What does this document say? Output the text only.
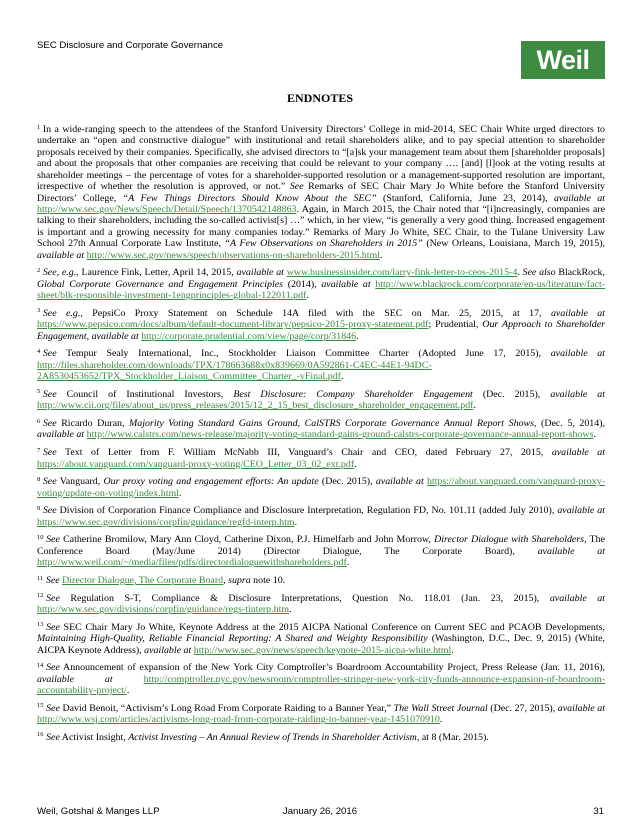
SEC Disclosure and Corporate Governance	Weil
ENDNOTES

$^1$ In a wide-ranging speech to the attendees of the Stanford University Directors’ College in mid-2014, SEC Chair White urged directors to undertake an “open and constructive dialogue” with institutional and retail shareholders alike, and to pay special attention to shareholder proposals received by their companies. Specifically, she advised directors to “[a]sk your management team about them [shareholder proposals] and about the proposals that other companies are receiving that could be relevant to your company …. [and] [l]ook at the voting results at shareholder meetings – the percentage of votes for a shareholder-supported resolution or a management-supported resolution are important, irrespective of whether the resolution is approved, or not.” See Remarks of SEC Chair Mary Jo White before the Stanford University Directors’ College, “A Few Things Directors Should Know About the SEC” (Stanford, California, June 23, 2014), available at http://www.sec.gov/News/Speech/Detail/Speech/1370542148863. Again, in March 2015, the Chair noted that “[i]ncreasingly, companies are talking to their shareholders, including the so-called activist[s] …” which, in her view, “is generally a very good thing. Increased engagement is important and a growing necessity for many companies today.” Remarks of Mary Jo White, SEC Chair, to the Tulane University Law School 27th Annual Corporate Law Institute, “A Few Observations on Shareholders in 2015” (New Orleans, Louisiana, March 19, 2015), available at http://www.sec.gov/news/speech/observations-on-shareholders-2015.html.

$^2$ See, e.g., Laurence Fink, Letter, April 14, 2015, available at www.businessinsider.com/larry-fink-letter-to-ceos-2015-4. See also BlackRock, Global Corporate Governance and Engagement Principles (2014), available at http://www.blackrock.com/corporate/en-us/literature/fact-sheet/blk-responsible-investment-1engprinciples-global-122011.pdf.

$^3$ See e.g., PepsiCo Proxy Statement on Schedule 14A filed with the SEC on Mar. 25, 2015, at 17, available at https://www.pepsico.com/docs/album/default-document-library/pepsico-2015-proxy-statement.pdf; Prudential, Our Approach to Shareholder Engagement, available at http://corporate.prudential.com/view/page/corp/31846.

$^4$ See Tempur Sealy International, Inc., Stockholder Liaison Committee Charter (Adopted June 17, 2015), available at http://files.shareholder.com/downloads/TPX/178663688x0x839669/0A592861-C4EC-44E1-94DC-2A8530453652/TPX_Stockholder_Liaison_Committee_Charter_-vFinal.pdf.

$^5$ See Council of Institutional Investors, Best Disclosure: Company Shareholder Engagement (Dec. 2015), available at http://www.cii.org/files/about_us/press_releases/2015/12_2_15_best_disclosure_shareholder_engagement.pdf.

$^6$ See Ricardo Duran, Majority Voting Standard Gains Ground, CalSTRS Corporate Governance Annual Report Shows, (Dec. 5, 2014), available at http://www.calstrs.com/news-release/majority-voting-standard-gains-ground-calstrs-corporate-governance-annual-report-shows.

$^7$ See Text of Letter from F. William McNabb III, Vanguard’s Chair and CEO, dated February 27, 2015, available at https://about.vanguard.com/vanguard-proxy-voting/CEO_Letter_03_02_ext.pdf.

$^8$ See Vanguard, Our proxy voting and engagement efforts: An update (Dec. 2015), available at https://about.vanguard.com/vanguard-proxy-voting/update-on-voting/index.html.

$^9$ See Division of Corporation Finance Compliance and Disclosure Interpretation, Regulation FD, No. 101.11 (added July 2010), available at https://www.sec.gov/divisions/corpfin/guidance/regfd-interp.htm.

$^{10}$ See Catherine Bromilow, Mary Ann Cloyd, Catherine Dixon, P.J. Himelfarb and John Morrow, Director Dialogue with Shareholders, The Conference Board (May/June 2014) (Director Dialogue, The Corporate Board), available at http://www.weil.com/~/media/files/pdfs/directordialoguewithshareholders.pdf.

$^{11}$ See Director Dialogue, The Corporate Board, supra note 10.

$^{12}$ See Regulation S-T, Compliance & Disclosure Interpretations, Question No. 118.01 (Jan. 23, 2015), available at http://www.sec.gov/divisions/corpfin/guidance/regs-tinterp.htm.

$^{13}$ See SEC Chair Mary Jo White, Keynote Address at the 2015 AICPA National Conference on Current SEC and PCAOB Developments, Maintaining High-Quality, Reliable Financial Reporting: A Shared and Weighty Responsibility (Washington, D.C., Dec. 9, 2015) (White, AICPA Keynote Address), available at http://www.sec.gov/news/speech/keynote-2015-aicpa-white.html.

$^{14}$ See Announcement of expansion of the New York City Comptroller’s Boardroom Accountability Project, Press Release (Jan. 11, 2016), available at http://comptroller.nyc.gov/newsroom/comptroller-stringer-new-york-city-funds-announce-expansion-of-boardroom-accountability-project/.

$^{15}$ See David Benoit, “Activism’s Long Road From Corporate Raiding to a Banner Year,” The Wall Street Journal (Dec. 27, 2015), available at http://www.wsj.com/articles/activisms-long-road-from-corporate-raiding-to-banner-year-1451070910.

$^{16}$ See Activist Insight, Activist Investing – An Annual Review of Trends in Shareholder Activism, at 8 (Mar. 2015).

Weil, Gotshal & Manges LLP	January 26, 2016	31
